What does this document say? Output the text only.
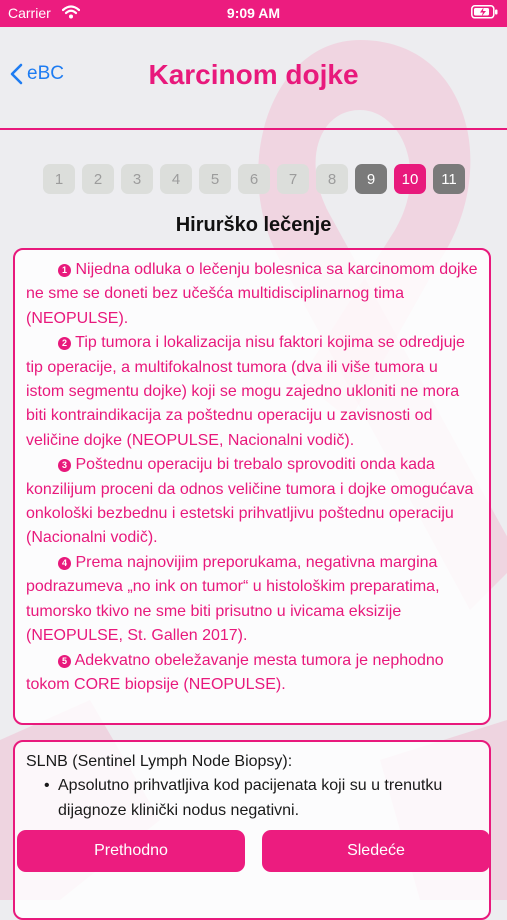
Carrier	9:09 AM
eBC	Karcinom dojke
1	2	3	4	5	6	7	8	9	10	11
Hirurško lečenje

1 Nijedna odluka o lečenju bolesnica sa karcinomom dojke ne sme se doneti bez učešća multidisciplinarnog tima (NEOPULSE).

2 Tip tumora i lokalizacija nisu faktori kojima se odredjuje tip operacije, a multifokalnost tumora (dva ili više tumora u istom segmentu dojke) koji se mogu zajedno ukloniti ne mora biti kontraindikacija za poštednu operaciju u zavisnosti od veličine dojke (NEOPULSE, Nacionalni vodič).

3 Poštednu operaciju bi trebalo sprovoditi onda kada konzilijum proceni da odnos veličine tumora i dojke omogućava onkološki bezbednu i estetski prihvatljivu poštednu operaciju (Nacionalni vodič).

4 Prema najnovijim preporukama, negativna margina podrazumeva „no ink on tumor“ u histološkim preparatima, tumorsko tkivo ne sme biti prisutno u ivicama eksizije (NEOPULSE, St. Gallen 2017).

5 Adekvatno obeležavanje mesta tumora je nephodno tokom CORE biopsije (NEOPULSE).

SLNB (Sentinel Lymph Node Biopsy):
• Apsolutno prihvatljiva kod pacijenata koji su u trenutku dijagnoze klinički nodus negativni.
Prethodno	Sledeće
